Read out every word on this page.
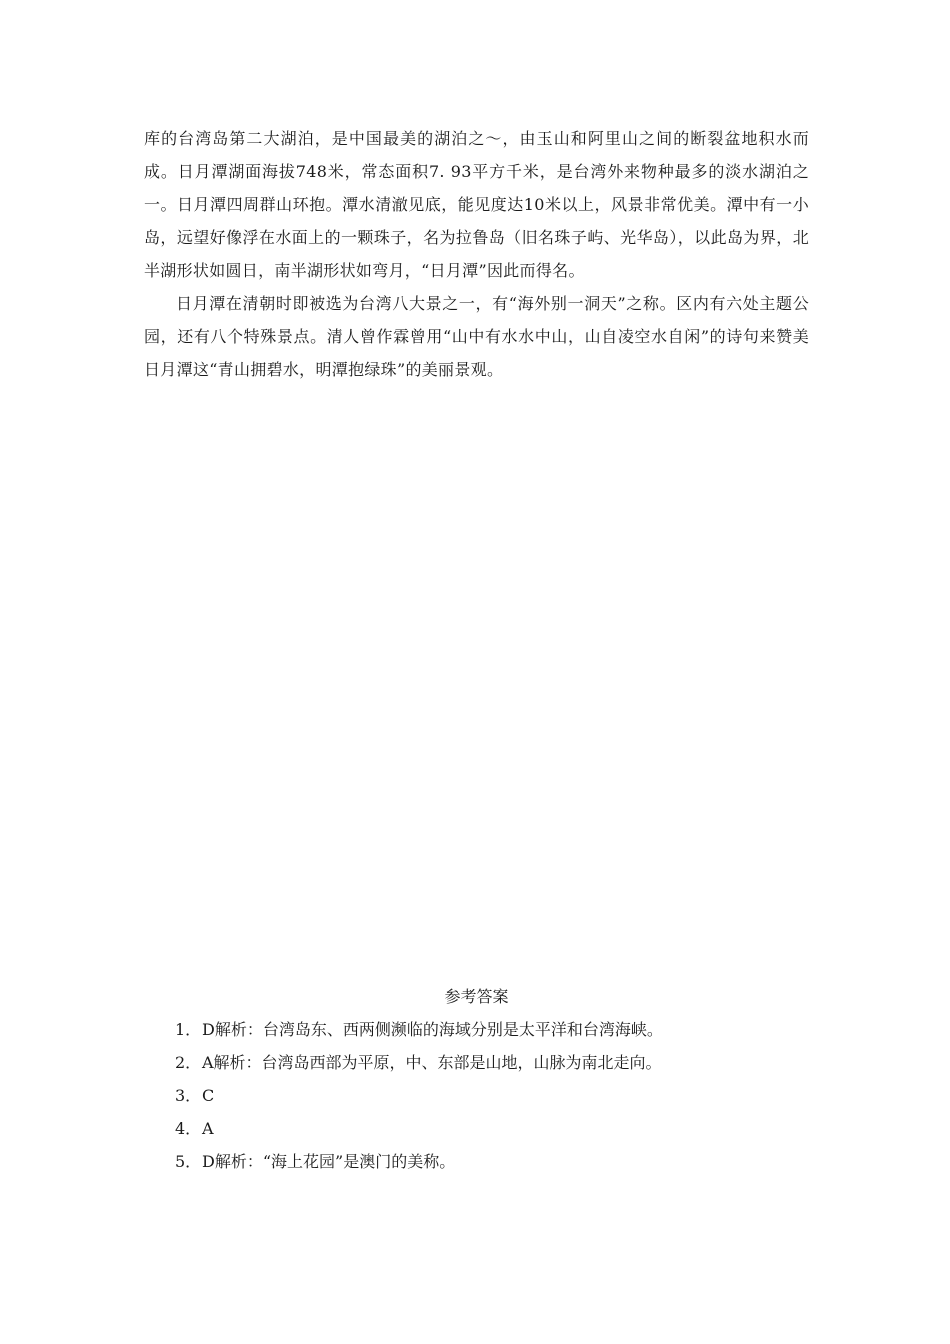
库的台湾岛第二大湖泊，是中国最美的湖泊之～，由玉山和阿里山之间的断裂盆地积水而成。日月潭湖面海拔748米，常态面积7. 93平方千米，是台湾外来物种最多的淡水湖泊之一。日月潭四周群山环抱。潭水清澈见底，能见度达10米以上，风景非常优美。潭中有一小岛，远望好像浮在水面上的一颗珠子，名为拉鲁岛（旧名珠子屿、光华岛），以此岛为界，北半湖形状如圆日，南半湖形状如弯月，“日月潭”因此而得名。

日月潭在清朝时即被选为台湾八大景之一，有“海外别一洞天”之称。区内有六处主题公园，还有八个特殊景点。清人曾作霖曾用“山中有水水中山，山自凌空水自闲”的诗句来赞美日月潭这“青山拥碧水，明潭抱绿珠”的美丽景观。

参考答案

1．D解析：台湾岛东、西两侧濒临的海域分别是太平洋和台湾海峡。
2．A解析：台湾岛西部为平原，中、东部是山地，山脉为南北走向。
3．C
4．A
5．D解析：“海上花园”是澳门的美称。
